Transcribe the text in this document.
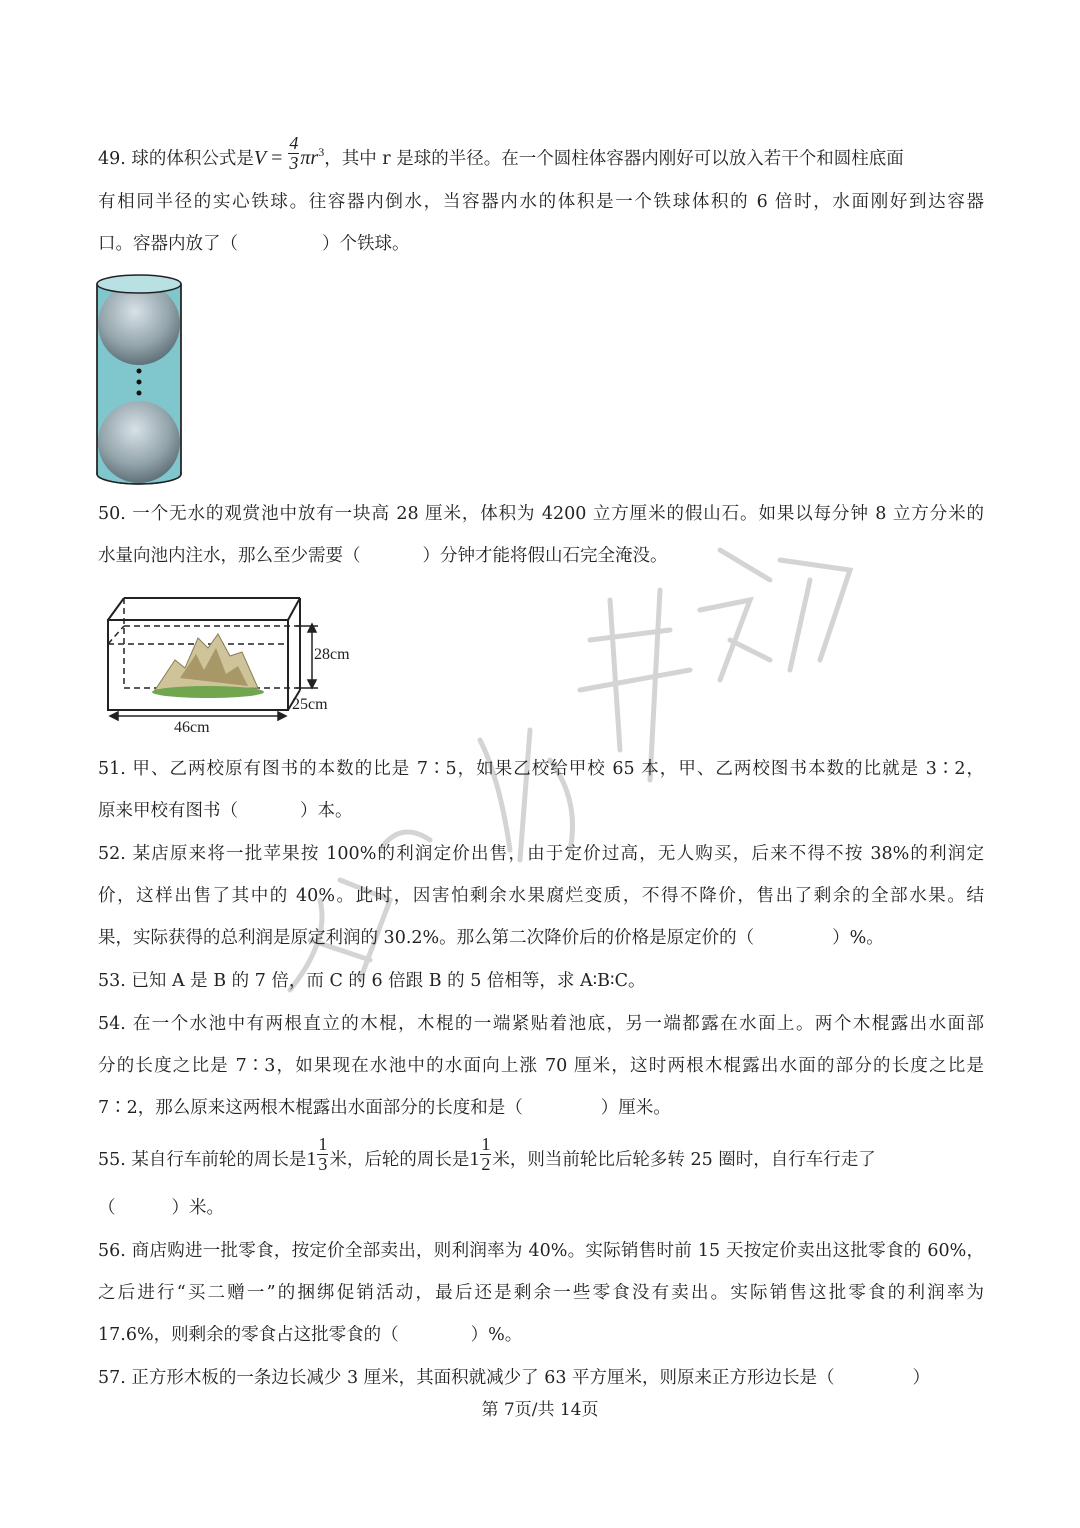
49. 球的体积公式是$V = \frac{4}{3} \pi r^3$，其中 r 是球的半径。在一个圆柱体容器内刚好可以放入若干个和圆柱底面
有相同半径的实心铁球。往容器内倒水，当容器内水的体积是一个铁球体积的 6 倍时，水面刚好到达容器
口。容器内放了（	）个铁球。
50. 一个无水的观赏池中放有一块高 28 厘米，体积为 4200 立方厘米的假山石。如果以每分钟 8 立方分米的
水量向池内注水，那么至少需要（	）分钟才能将假山石完全淹没。
28cm
25cm
46cm
51. 甲、乙两校原有图书的本数的比是 7∶5，如果乙校给甲校 65 本，甲、乙两校图书本数的比就是 3∶2，
原来甲校有图书（	）本。
52. 某店原来将一批苹果按 100%的利润定价出售，由于定价过高，无人购买，后来不得不按 38%的利润定
价，这样出售了其中的 40%。此时，因害怕剩余水果腐烂变质，不得不降价，售出了剩余的全部水果。结
果，实际获得的总利润是原定利润的 30.2%。那么第二次降价后的价格是原定价的（	）%。
53. 已知 A 是 B 的 7 倍，而 C 的 6 倍跟 B 的 5 倍相等，求 A∶B∶C。
54. 在一个水池中有两根直立的木棍，木棍的一端紧贴着池底，另一端都露在水面上。两个木棍露出水面部
分的长度之比是 7∶3，如果现在水池中的水面向上涨 70 厘米，这时两根木棍露出水面的部分的长度之比是
7∶2，那么原来这两根木棍露出水面部分的长度和是（	）厘米。
55. 某自行车前轮的周长是$1 \frac{1}{3}$ 米，后轮的周长是$1 \frac{1}{2}$ 米，则当前轮比后轮多转 25 圈时，自行车行走了
（	）米。
56. 商店购进一批零食，按定价全部卖出，则利润率为 40%。实际销售时前 15 天按定价卖出这批零食的 60%，
之后进行“买二赠一”的捆绑促销活动，最后还是剩余一些零食没有卖出。实际销售这批零食的利润率为
17.6%，则剩余的零食占这批零食的（	）%。
57. 正方形木板的一条边长减少 3 厘米，其面积就减少了 63 平方厘米，则原来正方形边长是（	）
第 7页/共 14页
